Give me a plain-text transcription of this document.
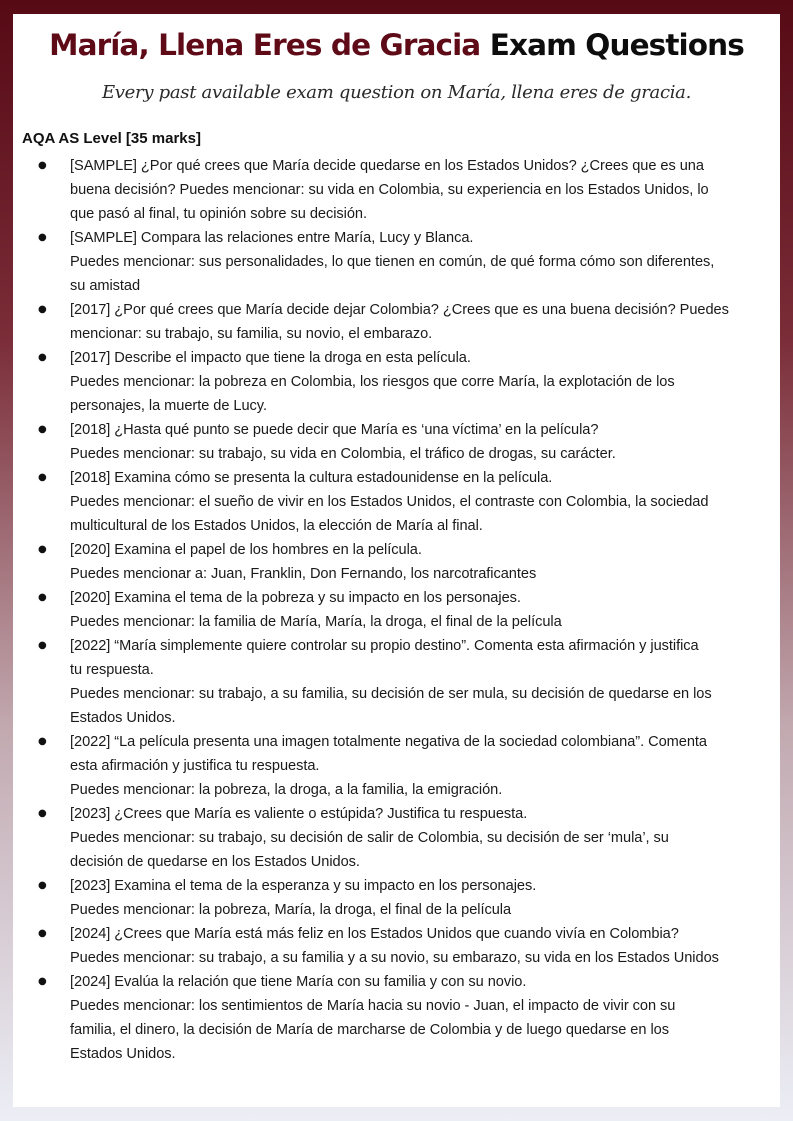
María, Llena Eres de Gracia Exam Questions
Every past available exam question on María, llena eres de gracia.
AQA AS Level [35 marks]
● [SAMPLE] ¿Por qué crees que María decide quedarse en los Estados Unidos? ¿Crees que es una
buena decisión? Puedes mencionar: su vida en Colombia, su experiencia en los Estados Unidos, lo
que pasó al final, tu opinión sobre su decisión.
● [SAMPLE] Compara las relaciones entre María, Lucy y Blanca.
Puedes mencionar: sus personalidades, lo que tienen en común, de qué forma cómo son diferentes,
su amistad
● [2017] ¿Por qué crees que María decide dejar Colombia? ¿Crees que es una buena decisión? Puedes
mencionar: su trabajo, su familia, su novio, el embarazo.
● [2017] Describe el impacto que tiene la droga en esta película.
Puedes mencionar: la pobreza en Colombia, los riesgos que corre María, la explotación de los
personajes, la muerte de Lucy.
● [2018] ¿Hasta qué punto se puede decir que María es ‘una víctima’ en la película?
Puedes mencionar: su trabajo, su vida en Colombia, el tráfico de drogas, su carácter.
● [2018] Examina cómo se presenta la cultura estadounidense en la película.
Puedes mencionar: el sueño de vivir en los Estados Unidos, el contraste con Colombia, la sociedad
multicultural de los Estados Unidos, la elección de María al final.
● [2020] Examina el papel de los hombres en la película.
Puedes mencionar a: Juan, Franklin, Don Fernando, los narcotraficantes
● [2020] Examina el tema de la pobreza y su impacto en los personajes.
Puedes mencionar: la familia de María, María, la droga, el final de la película
● [2022] “María simplemente quiere controlar su propio destino”. Comenta esta afirmación y justifica
tu respuesta.
Puedes mencionar: su trabajo, a su familia, su decisión de ser mula, su decisión de quedarse en los
Estados Unidos.
● [2022] “La película presenta una imagen totalmente negativa de la sociedad colombiana”. Comenta
esta afirmación y justifica tu respuesta.
Puedes mencionar: la pobreza, la droga, a la familia, la emigración.
● [2023] ¿Crees que María es valiente o estúpida? Justifica tu respuesta.
Puedes mencionar: su trabajo, su decisión de salir de Colombia, su decisión de ser ‘mula’, su
decisión de quedarse en los Estados Unidos.
● [2023] Examina el tema de la esperanza y su impacto en los personajes.
Puedes mencionar: la pobreza, María, la droga, el final de la película
● [2024] ¿Crees que María está más feliz en los Estados Unidos que cuando vivía en Colombia?
Puedes mencionar: su trabajo, a su familia y a su novio, su embarazo, su vida en los Estados Unidos
● [2024] Evalúa la relación que tiene María con su familia y con su novio.
Puedes mencionar: los sentimientos de María hacia su novio - Juan, el impacto de vivir con su
familia, el dinero, la decisión de María de marcharse de Colombia y de luego quedarse en los
Estados Unidos.
